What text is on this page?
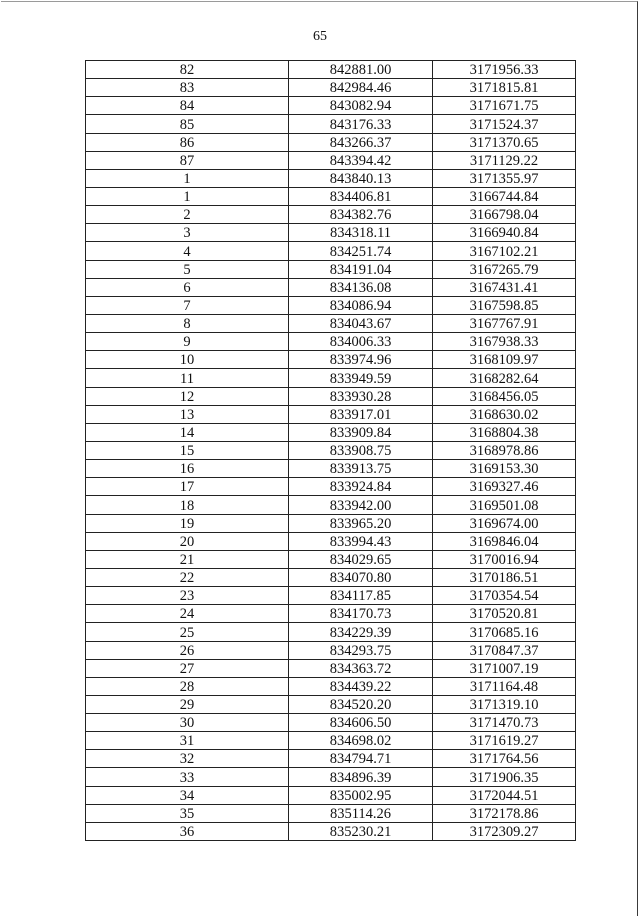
65
82	842881.00	3171956.33
83	842984.46	3171815.81
84	843082.94	3171671.75
85	843176.33	3171524.37
86	843266.37	3171370.65
87	843394.42	3171129.22
1	843840.13	3171355.97
1	834406.81	3166744.84
2	834382.76	3166798.04
3	834318.11	3166940.84
4	834251.74	3167102.21
5	834191.04	3167265.79
6	834136.08	3167431.41
7	834086.94	3167598.85
8	834043.67	3167767.91
9	834006.33	3167938.33
10	833974.96	3168109.97
11	833949.59	3168282.64
12	833930.28	3168456.05
13	833917.01	3168630.02
14	833909.84	3168804.38
15	833908.75	3168978.86
16	833913.75	3169153.30
17	833924.84	3169327.46
18	833942.00	3169501.08
19	833965.20	3169674.00
20	833994.43	3169846.04
21	834029.65	3170016.94
22	834070.80	3170186.51
23	834117.85	3170354.54
24	834170.73	3170520.81
25	834229.39	3170685.16
26	834293.75	3170847.37
27	834363.72	3171007.19
28	834439.22	3171164.48
29	834520.20	3171319.10
30	834606.50	3171470.73
31	834698.02	3171619.27
32	834794.71	3171764.56
33	834896.39	3171906.35
34	835002.95	3172044.51
35	835114.26	3172178.86
36	835230.21	3172309.27
